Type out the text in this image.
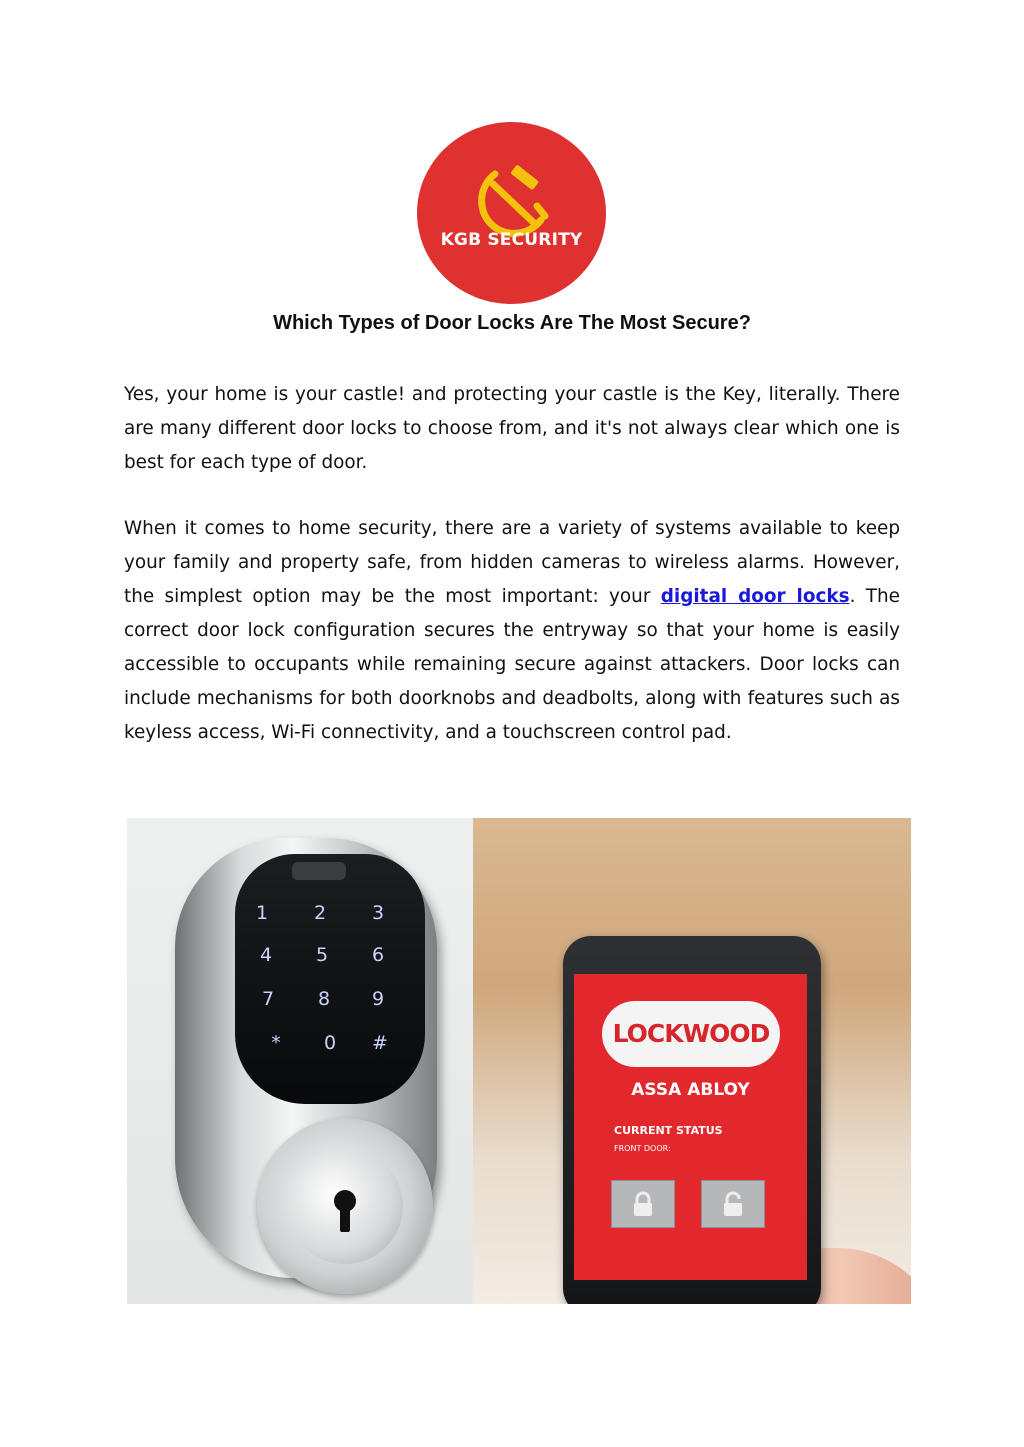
KGB SECURITY
Which Types of Door Locks Are The Most Secure?

Yes, your home is your castle! and protecting your castle is the Key, literally. There are many different door locks to choose from, and it's not always clear which one is best for each type of door.

When it comes to home security, there are a variety of systems available to keep your family and property safe, from hidden cameras to wireless alarms. However, the simplest option may be the most important: your digital door locks. The correct door lock configuration secures the entryway so that your home is easily accessible to occupants while remaining secure against attackers. Door locks can include mechanisms for both doorknobs and deadbolts, along with features such as keyless access, Wi-Fi connectivity, and a touchscreen control pad.

1	2	3
4	5	6
7	8	9
*	0	#	LOCKWOOD
ASSA ABLOY
CURRENT STATUS
FRONT DOOR:
